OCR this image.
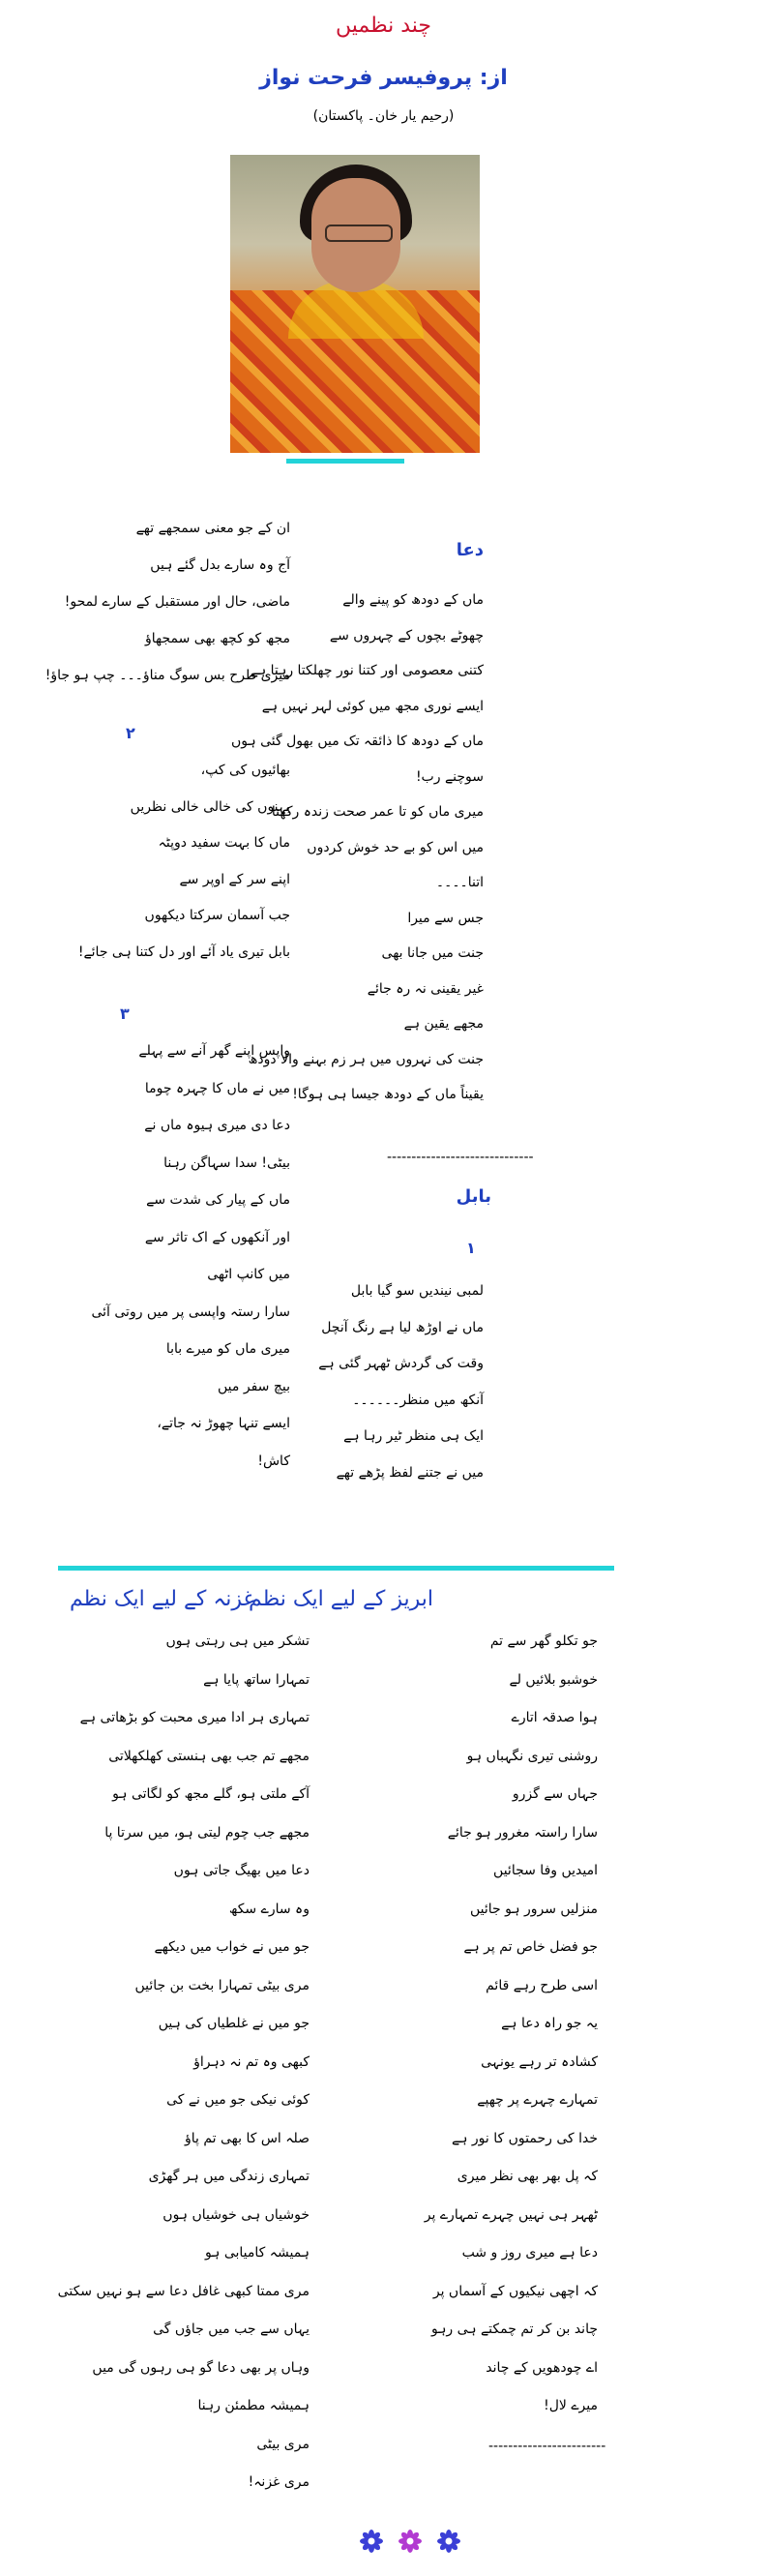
چند نظمیں
از: پروفیسر فرحت نواز
(رحیم یار خان۔ پاکستان)
دعا
ماں کے دودھ کو پینے والے
چھوٹے بچوں کے چہروں سے
کتنی معصومی اور کتنا نور چھلکتا رہتا ہے
ایسے نوری مجھ میں کوئی لہر نہیں ہے
ماں کے دودھ کا ذائقہ تک میں بھول گئی ہوں
سوچنے رب!
میری ماں کو تا عمر صحت زندہ رکھنا
میں اس کو بے حد خوش کردوں
اتنا۔۔۔۔
جس سے میرا
جنت میں جانا بھی
غیر یقینی نہ رہ جائے
مجھے یقین ہے
جنت کی نہروں میں ہر زم بہنے والا دودھ
یقیناً ماں کے دودھ جیسا ہی ہوگا!
------------------------------
بابل
۱
لمبی نیندیں سو گیا بابل
ماں نے اوڑھ لیا ہے رنگ آنچل
وقت کی گردش ٹھہر گئی ہے
آنکھ میں منظر۔۔۔۔۔۔
ایک ہی منظر ٹیر رہا ہے
میں نے جتنے لفظ پڑھے تھے
ان کے جو معنی سمجھے تھے
آج وہ سارے بدل گئے ہیں
ماضی، حال اور مستقبل کے سارے لمحو!
مجھ کو کچھ بھی سمجھاؤ
میری طرح بس سوگ مناؤ۔۔۔ چپ ہو جاؤ!
۲
بھائیوں کی کپ،
بہنوں کی خالی خالی نظریں
ماں کا بہت سفید دوپٹہ
اپنے سر کے اوپر سے
جب آسمان سرکتا دیکھوں
بابل تیری یاد آئے اور دل کتنا ہی جائے!
۳
واپس اپنے گھر آنے سے پہلے
میں نے ماں کا چہرہ چوما
دعا دی میری ہیوہ ماں نے
بیٹی! سدا سہاگن رہنا
ماں کے پیار کی شدت سے
اور آنکھوں کے اک تاثر سے
میں کانپ اٹھی
سارا رستہ واپسی پر میں روتی آئی
میری ماں کو میرے بابا
بیچ سفر میں
ایسے تنہا چھوڑ نہ جاتے،
کاش!
ابریز کے لیے ایک نظم
جو تکلو گھر سے تم
خوشبو بلائیں لے
ہوا صدقہ اتارے
روشنی تیری نگہباں ہو
جہاں سے گزرو
سارا راستہ مغرور ہو جائے
امیدیں وفا سجائیں
منزلیں سرور ہو جائیں
جو فضل خاص تم پر ہے
اسی طرح رہے قائم
یہ جو راہ دعا ہے
کشادہ تر رہے یونہی
تمہارے چہرے پر چھپے
خدا کی رحمتوں کا نور ہے
کہ پل بھر بھی نظر میری
ٹھہر ہی نہیں چہرے تمہارے پر
دعا ہے میری روز و شب
کہ اچھی نیکیوں کے آسماں پر
چاند بن کر تم چمکتے ہی رہو
اے چودھویں کے چاند
میرے لال!
------------------------
غزنہ کے لیے ایک نظم
تشکر میں ہی رہتی ہوں
تمہارا ساتھ پایا ہے
تمہاری ہر ادا میری محبت کو بڑھاتی ہے
مجھے تم جب بھی ہنستی کھلکھلاتی
آکے ملتی ہو، گلے مجھ کو لگاتی ہو
مجھے جب چوم لیتی ہو، میں سرتا پا
دعا میں بھیگ جاتی ہوں
وہ سارے سکھ
جو میں نے خواب میں دیکھے
مری بیٹی تمہارا بخت بن جائیں
جو میں نے غلطیاں کی ہیں
کبھی وہ تم نہ دہراؤ
کوئی نیکی جو میں نے کی
صلہ اس کا بھی تم پاؤ
تمہاری زندگی میں ہر گھڑی
خوشیاں ہی خوشیاں ہوں
ہمیشہ کامیابی ہو
مری ممتا کبھی غافل دعا سے ہو نہیں سکتی
یہاں سے جب میں جاؤں گی
وہاں پر بھی دعا گو ہی رہوں گی میں
ہمیشہ مطمئن رہنا
مری بیٹی
مری غزنہ!
